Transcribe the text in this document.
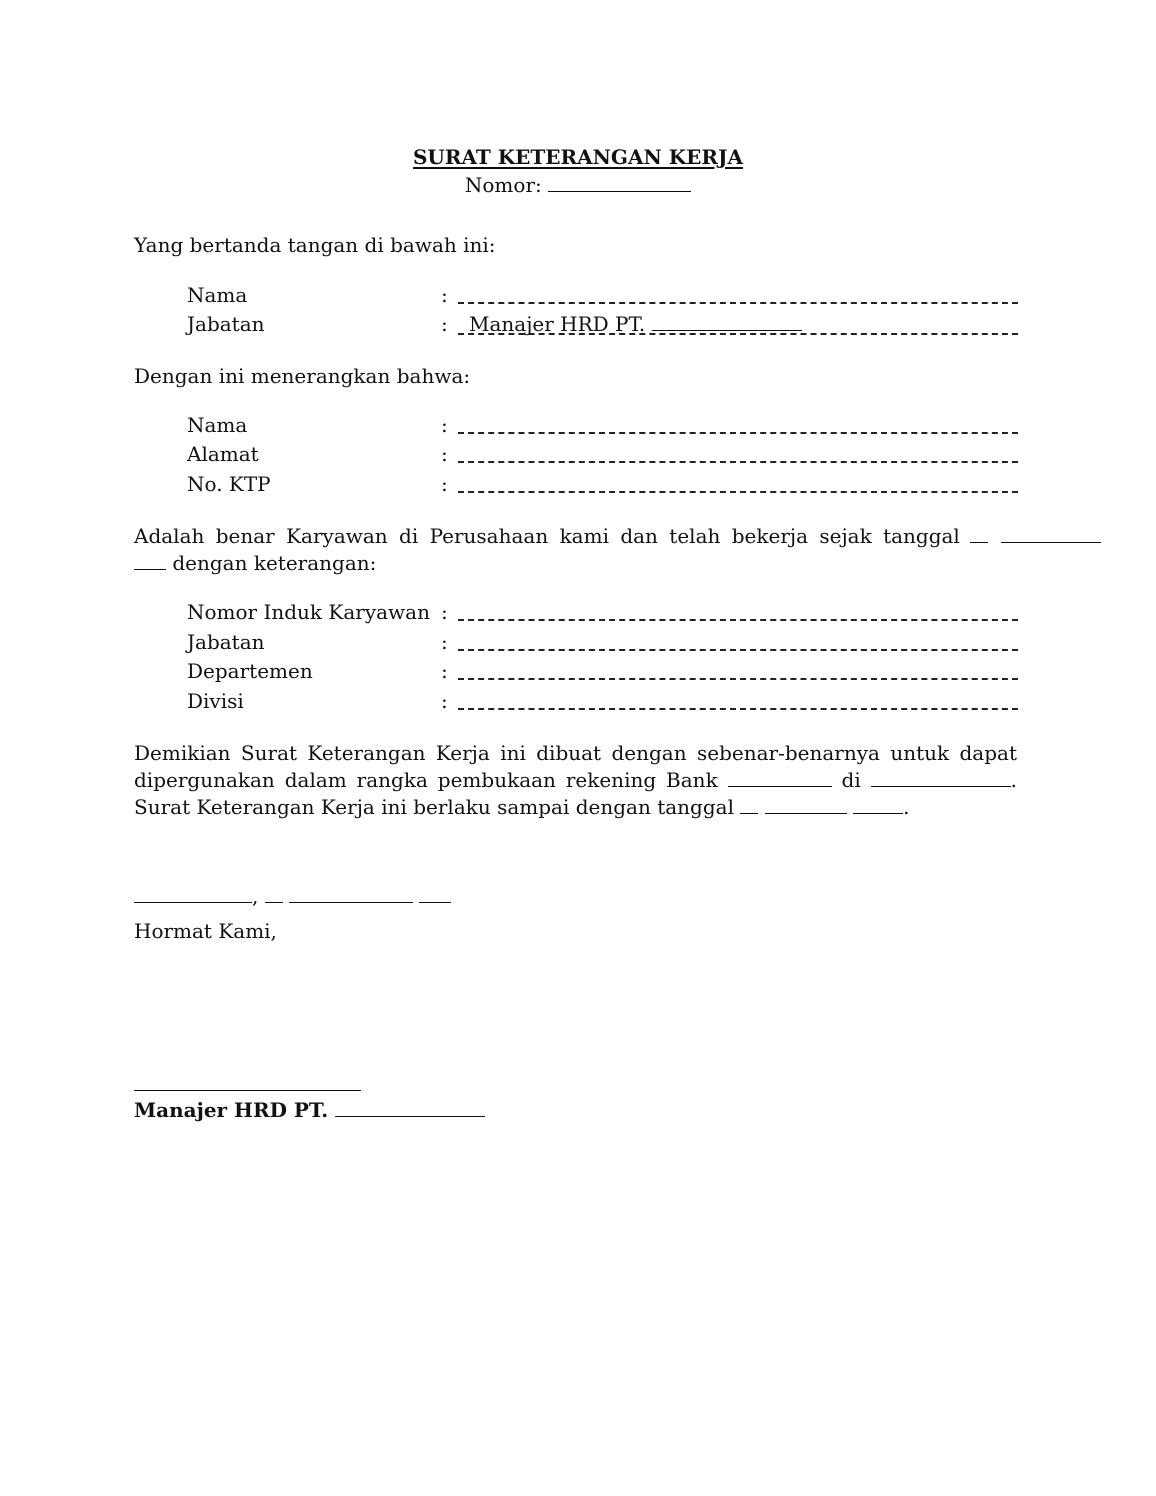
SURAT KETERANGAN KERJA
Nomor:
Yang bertanda tangan di bawah ini:
Nama	:
Jabatan	: Manajer HRD PT.
Dengan ini menerangkan bahwa:
Nama	:
Alamat	:
No. KTP	:
Adalah benar Karyawan di Perusahaan kami dan telah bekerja sejak tanggal
dengan keterangan:
Nomor Induk Karyawan :
Jabatan	:
Departemen	:
Divisi	:
Demikian Surat Keterangan Kerja ini dibuat dengan sebenar-benarnya untuk dapat dipergunakan dalam rangka pembukaan rekening Bank	di	. Surat Keterangan Kerja ini berlaku sampai dengan tanggal	.
,
Hormat Kami,
Manajer HRD PT.
